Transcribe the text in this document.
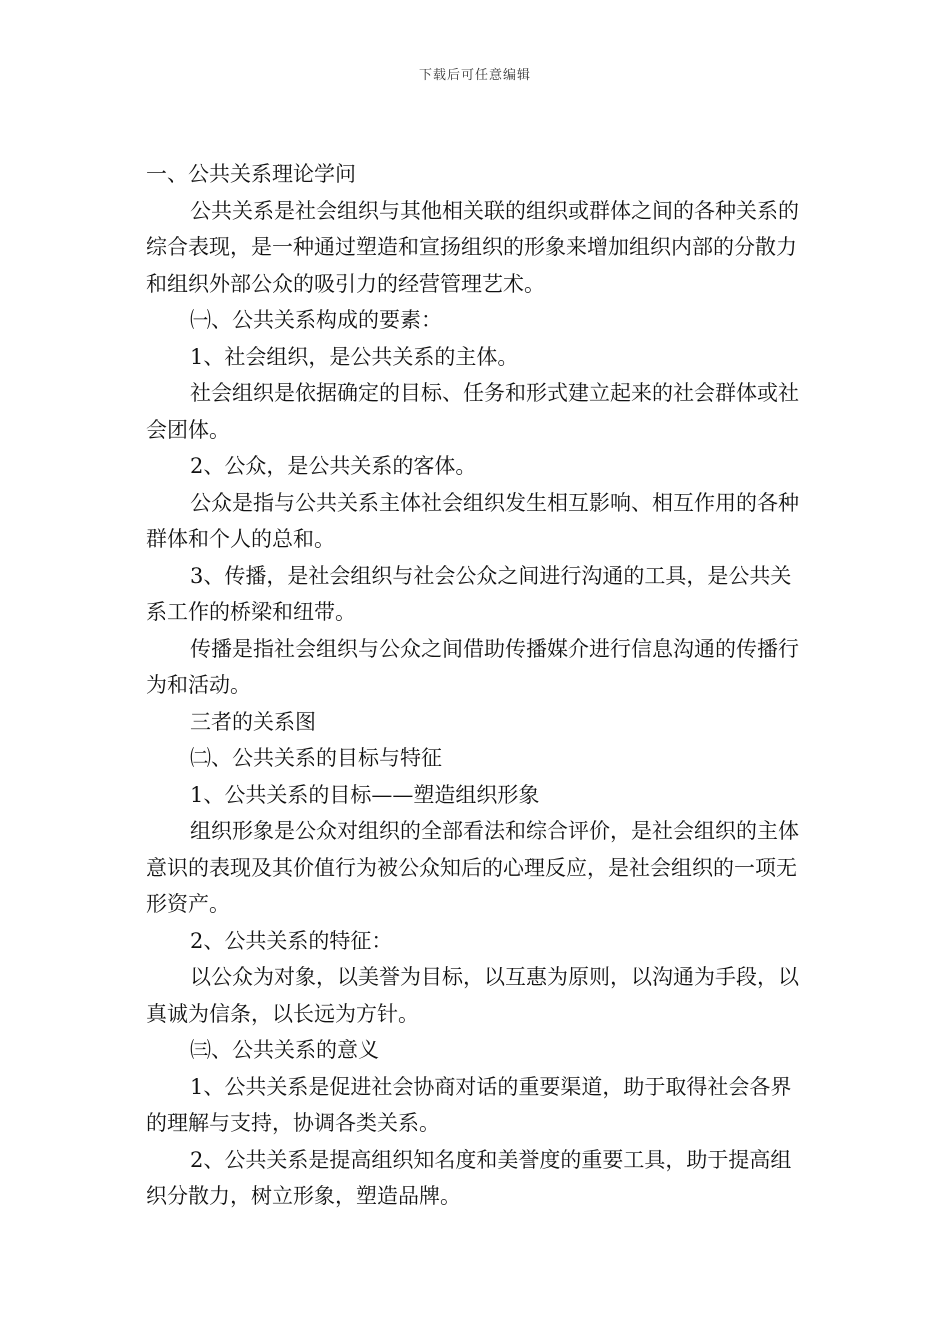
下载后可任意编辑

一、公共关系理论学问

公共关系是社会组织与其他相关联的组织或群体之间的各种关系的综合表现，是一种通过塑造和宣扬组织的形象来增加组织内部的分散力和组织外部公众的吸引力的经营管理艺术。

㈠、公共关系构成的要素：

1、社会组织，是公共关系的主体。

社会组织是依据确定的目标、任务和形式建立起来的社会群体或社会团体。

2、公众，是公共关系的客体。

公众是指与公共关系主体社会组织发生相互影响、相互作用的各种群体和个人的总和。

3、传播，是社会组织与社会公众之间进行沟通的工具，是公共关系工作的桥梁和纽带。

传播是指社会组织与公众之间借助传播媒介进行信息沟通的传播行为和活动。

三者的关系图

㈡、公共关系的目标与特征

1、公共关系的目标——塑造组织形象

组织形象是公众对组织的全部看法和综合评价，是社会组织的主体意识的表现及其价值行为被公众知后的心理反应，是社会组织的一项无形资产。

2、公共关系的特征：

以公众为对象，以美誉为目标，以互惠为原则，以沟通为手段，以真诚为信条，以长远为方针。

㈢、公共关系的意义

1、公共关系是促进社会协商对话的重要渠道，助于取得社会各界的理解与支持，协调各类关系。

2、公共关系是提高组织知名度和美誉度的重要工具，助于提高组织分散力，树立形象，塑造品牌。
